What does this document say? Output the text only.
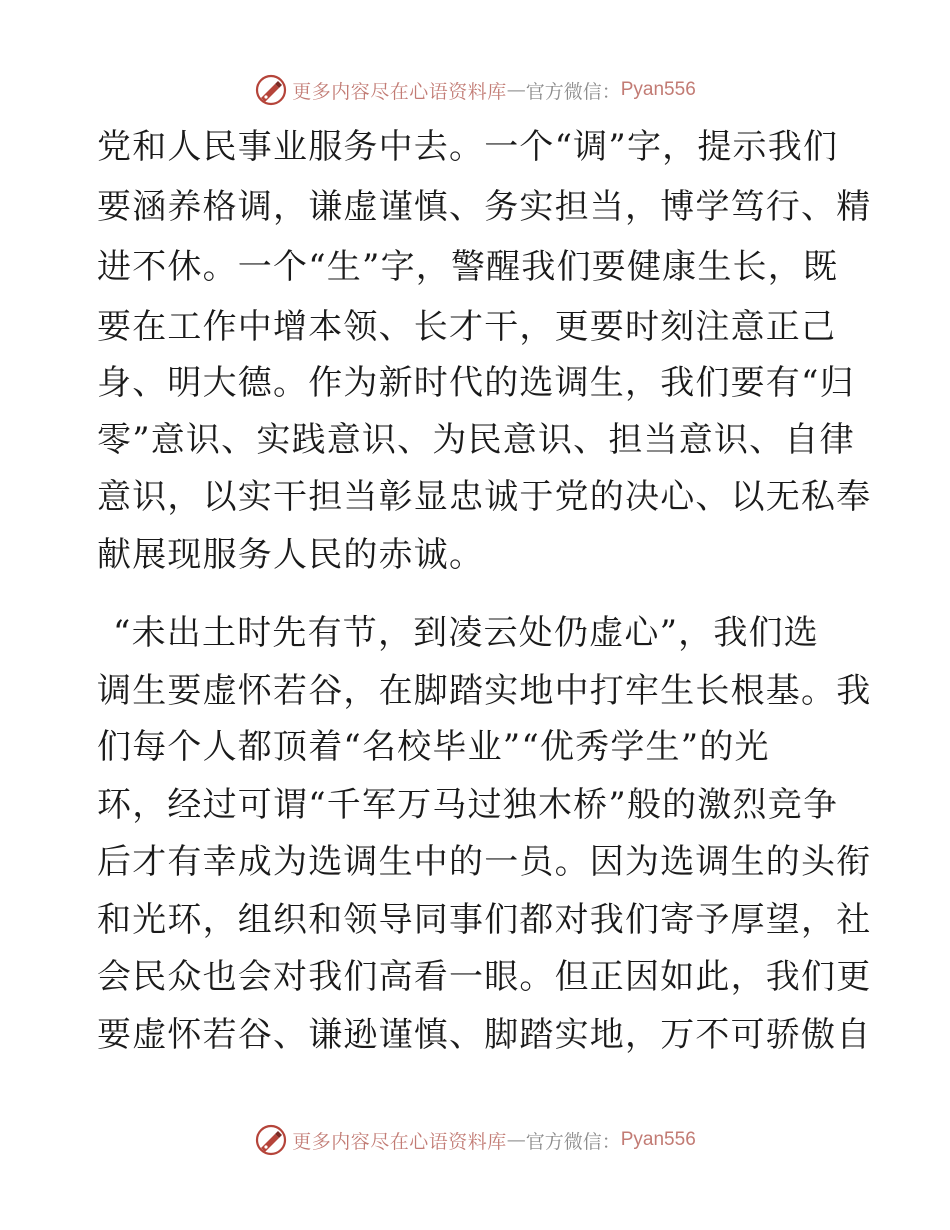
更多内容尽在心语资料库 — 官方微信： Pyan556
党和人民事业服务中去。一个“调”字，提示我们
要涵养格调，谦虚谨慎、务实担当，博学笃行、精
进不休。一个“生”字，警醒我们要健康生长，既
要在工作中增本领、长才干，更要时刻注意正己
身、明大德。作为新时代的选调生，我们要有“归
零”意识、实践意识、为民意识、担当意识、自律
意识，以实干担当彰显忠诚于党的决心、以无私奉
献展现服务人民的赤诚。
“未出土时先有节，到凌云处仍虚心”，我们选
调生要虚怀若谷，在脚踏实地中打牢生长根基。我
们每个人都顶着“名校毕业”“优秀学生”的光
环，经过可谓“千军万马过独木桥”般的激烈竞争
后才有幸成为选调生中的一员。因为选调生的头衔
和光环，组织和领导同事们都对我们寄予厚望，社
会民众也会对我们高看一眼。但正因如此，我们更
要虚怀若谷、谦逊谨慎、脚踏实地，万不可骄傲自
更多内容尽在心语资料库 — 官方微信： Pyan556
